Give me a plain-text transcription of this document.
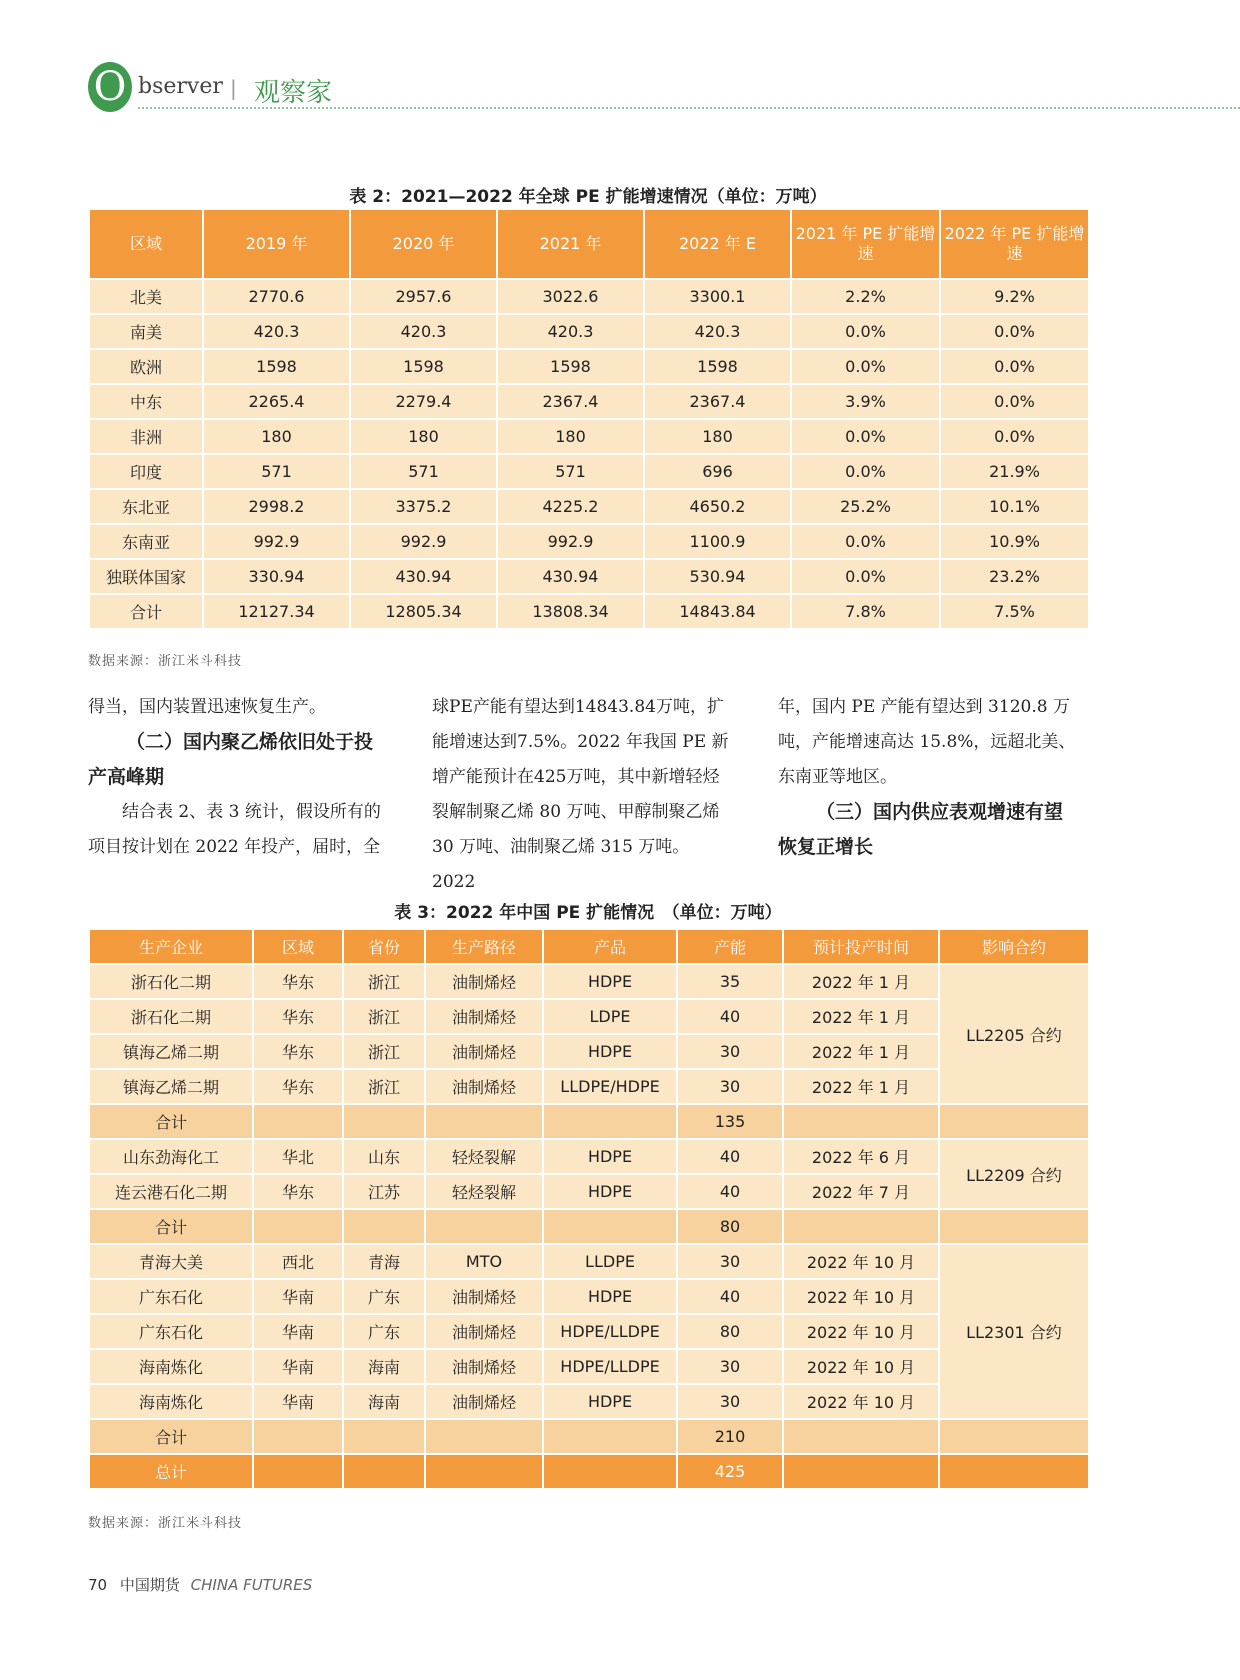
O bserver | 观察家
表 2：2021—2022 年全球 PE 扩能增速情况（单位：万吨）
区域	2019 年	2020 年	2021 年	2022 年 E	2021 年 PE 扩能增速	2022 年 PE 扩能增速
北美	2770.6	2957.6	3022.6	3300.1	2.2%	9.2%
南美	420.3	420.3	420.3	420.3	0.0%	0.0%
欧洲	1598	1598	1598	1598	0.0%	0.0%
中东	2265.4	2279.4	2367.4	2367.4	3.9%	0.0%
非洲	180	180	180	180	0.0%	0.0%
印度	571	571	571	696	0.0%	21.9%
东北亚	2998.2	3375.2	4225.2	4650.2	25.2%	10.1%
东南亚	992.9	992.9	992.9	1100.9	0.0%	10.9%
独联体国家	330.94	430.94	430.94	530.94	0.0%	23.2%
合计	12127.34	12805.34	13808.34	14843.84	7.8%	7.5%
数据来源：浙江米斗科技

得当，国内装置迅速恢复生产。

（二）国内聚乙烯依旧处于投产高峰期

结合表 2、表 3 统计，假设所有的项目按计划在 2022 年投产，届时，全

球PE产能有望达到14843.84万吨，扩能增速达到7.5%。2022 年我国 PE 新增产能预计在425万吨，其中新增轻烃裂解制聚乙烯 80 万吨、甲醇制聚乙烯 30 万吨、油制聚乙烯 315 万吨。2022

年，国内 PE 产能有望达到 3120.8 万吨，产能增速高达 15.8%，远超北美、东南亚等地区。

（三）国内供应表观增速有望恢复正增长

表 3：2022 年中国 PE 扩能情况　（单位：万吨）
生产企业	区域	省份	生产路径	产品	产能	预计投产时间	影响合约
浙石化二期	华东	浙江	油制烯烃	HDPE	35	2022 年 1 月	LL2205 合约
浙石化二期	华东	浙江	油制烯烃	LDPE	40	2022 年 1 月	
镇海乙烯二期	华东	浙江	油制烯烃	HDPE	30	2022 年 1 月	
镇海乙烯二期	华东	浙江	油制烯烃	LLDPE/HDPE	30	2022 年 1 月	
合计					135		
山东劲海化工	华北	山东	轻烃裂解	HDPE	40	2022 年 6 月	LL2209 合约
连云港石化二期	华东	江苏	轻烃裂解	HDPE	40	2022 年 7 月	
合计					80		
青海大美	西北	青海	MTO	LLDPE	30	2022 年 10 月	LL2301 合约
广东石化	华南	广东	油制烯烃	HDPE	40	2022 年 10 月	
广东石化	华南	广东	油制烯烃	HDPE/LLDPE	80	2022 年 10 月	
海南炼化	华南	海南	油制烯烃	HDPE/LLDPE	30	2022 年 10 月	
海南炼化	华南	海南	油制烯烃	HDPE	30	2022 年 10 月	
合计					210		
总计					425		
数据来源：浙江米斗科技
70 中国期货 CHINA FUTURES
